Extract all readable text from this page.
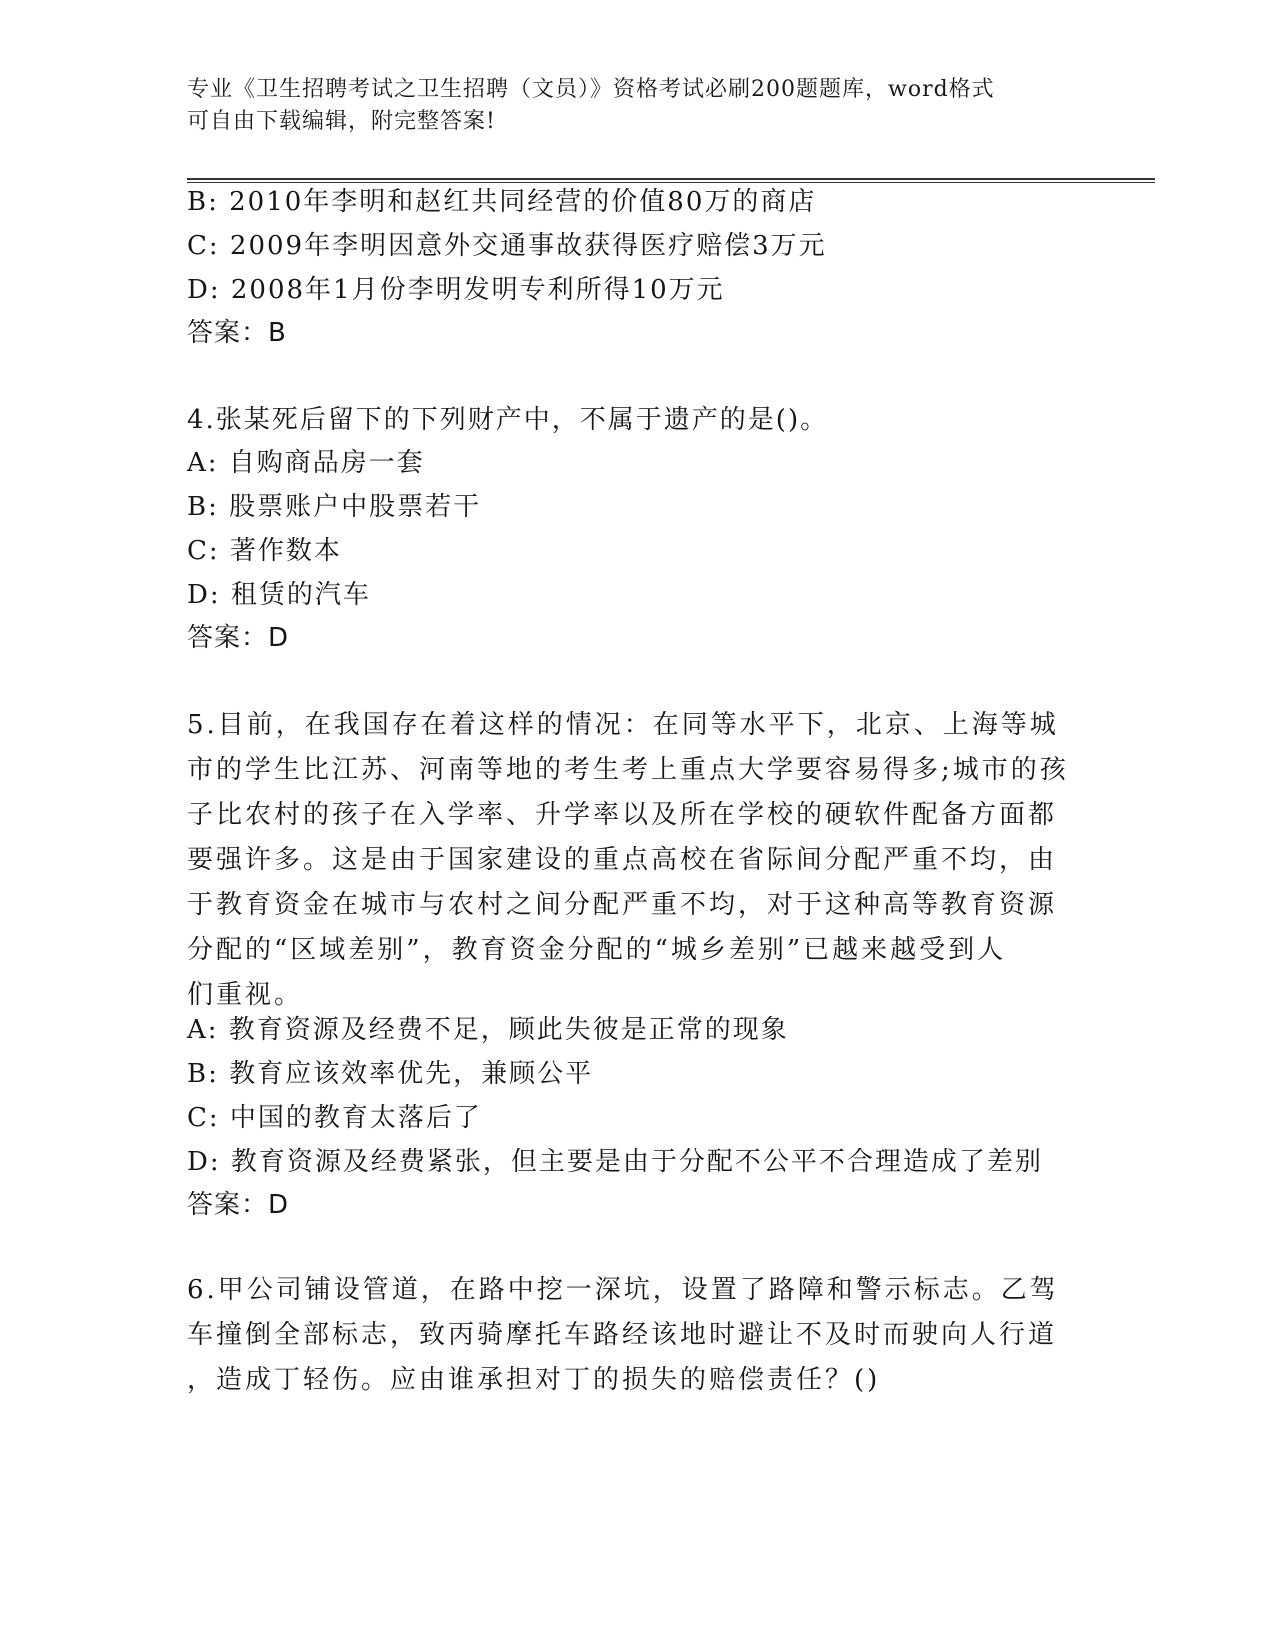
专业《卫生招聘考试之卫生招聘（文员）》资格考试必刷200题题库，word格式
可自由下载编辑，附完整答案!
B: 2010年李明和赵红共同经营的价值80万的商店
C: 2009年李明因意外交通事故获得医疗赔偿3万元
D: 2008年1月份李明发明专利所得10万元
答案：B
4.张某死后留下的下列财产中，不属于遗产的是()。
A: 自购商品房一套
B: 股票账户中股票若干
C: 著作数本
D: 租赁的汽车
答案：D
5.目前，在我国存在着这样的情况：在同等水平下，北京、上海等城
市的学生比江苏、河南等地的考生考上重点大学要容易得多;城市的孩
子比农村的孩子在入学率、升学率以及所在学校的硬软件配备方面都
要强许多。这是由于国家建设的重点高校在省际间分配严重不均，由
于教育资金在城市与农村之间分配严重不均，对于这种高等教育资源
分配的“区域差别”，教育资金分配的“城乡差别”已越来越受到人
们重视。
A: 教育资源及经费不足，顾此失彼是正常的现象
B: 教育应该效率优先，兼顾公平
C: 中国的教育太落后了
D: 教育资源及经费紧张，但主要是由于分配不公平不合理造成了差别
答案：D
6.甲公司铺设管道，在路中挖一深坑，设置了路障和警示标志。乙驾
车撞倒全部标志，致丙骑摩托车路经该地时避让不及时而驶向人行道
，造成丁轻伤。应由谁承担对丁的损失的赔偿责任？()
